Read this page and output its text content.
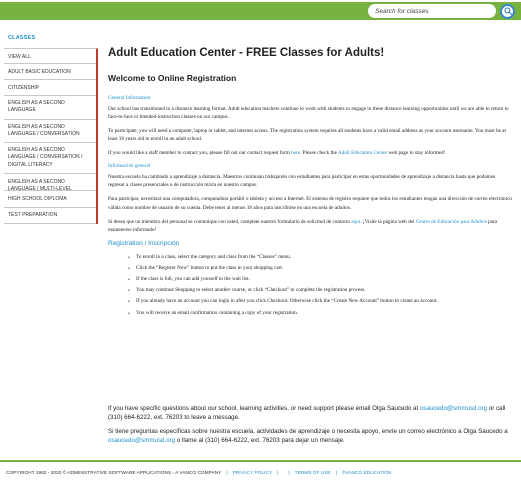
Search for classes
CLASSES
VIEW ALL
ADULT BASIC EDUCATION
CITIZENSHIP
ENGLISH AS A SECOND LANGUAGE
ENGLISH AS A SECOND LANGUAGE / CONVERSATION
ENGLISH AS A SECOND LANGUAGE / CONVERSATION / DIGITAL LITERACY
ENGLISH AS A SECOND LANGUAGE / MULTI-LEVEL
HIGH SCHOOL DIPLOMA
TEST PREPARATION
Adult Education Center - FREE Classes for Adults!
Welcome to Online Registration
General Information

Our school has transitioned to a distance learning format. Adult education teachers continue to work with students to engage in these distance learning opportunities until we are able to return to face-to-face or blended-instruction classes on our campus.

To participate, you will need a computer, laptop or tablet, and internet access. The registration system requires all students have a valid email address as your account username. You must be at least 18 years old to enroll in an adult school.

If you would like a staff member to contact you, please fill out our contact request form here. Please check the Adult Education Center web page to stay informed!

Información general

Nuestra escuela ha cambiado a aprendizaje a distancia. Maestros continúan trabajando con estudiantes para participar en estas oportunidades de aprendizaje a distancia hasta que podamos regresar a clases presenciales o de instrucción mixta en nuestro campus.

Para participar, necesitará una computadora, computadora portátil o tableta y acceso a Internet. El sistema de registro requiere que todos los estudiantes tengan una dirección de correo electrónico válida como nombre de usuario de su cuenta. Debe tener al menos 18 años para inscribirse en una escuela de adultos.

Si desea que un miembro del personal se comunique con usted, complete nuestro formulario de solicitud de contacto aquí. ¡Visite la página web del Centro de Educación para Adultos para mantenerse informado!

Registration / Inscripción
• To enroll in a class, select the category and class from the “Classes” menu.
• Click the “Register Now” button to put the class in your shopping cart.
• If the class is full, you can add yourself to the wait list.
• You may continue Shopping to select another course, or click “Checkout” to complete the registration process.
• If you already have an account you can login in after you click Checkout. Otherwise click the “Create New Account” button to create an account.
• You will receive an email confirmation containing a copy of your registration.

If you have specific questions about our school, learning activities, or need support please email Olga Saucedo at osaucedo@smmusd.org or call (310) 664-6222, ext. 76203 to leave a message.

Si tiene preguntas específicas sobre nuestra escuela, actividades de aprendizaje o necesita apoyo, envíe un correo electrónico a Olga Saucedo a osaucedo@smmusd.org o llame al (310) 664-6222, ext. 76203 para dejar un mensaje.

COPYRIGHT 1982 - 2020 © ADMINISTRATIVE SOFTWARE APPLICATIONS - A VANCO COMPANY | PRIVACY POLICY | | TERMS OF USE | ©VANCO EDUCATION
